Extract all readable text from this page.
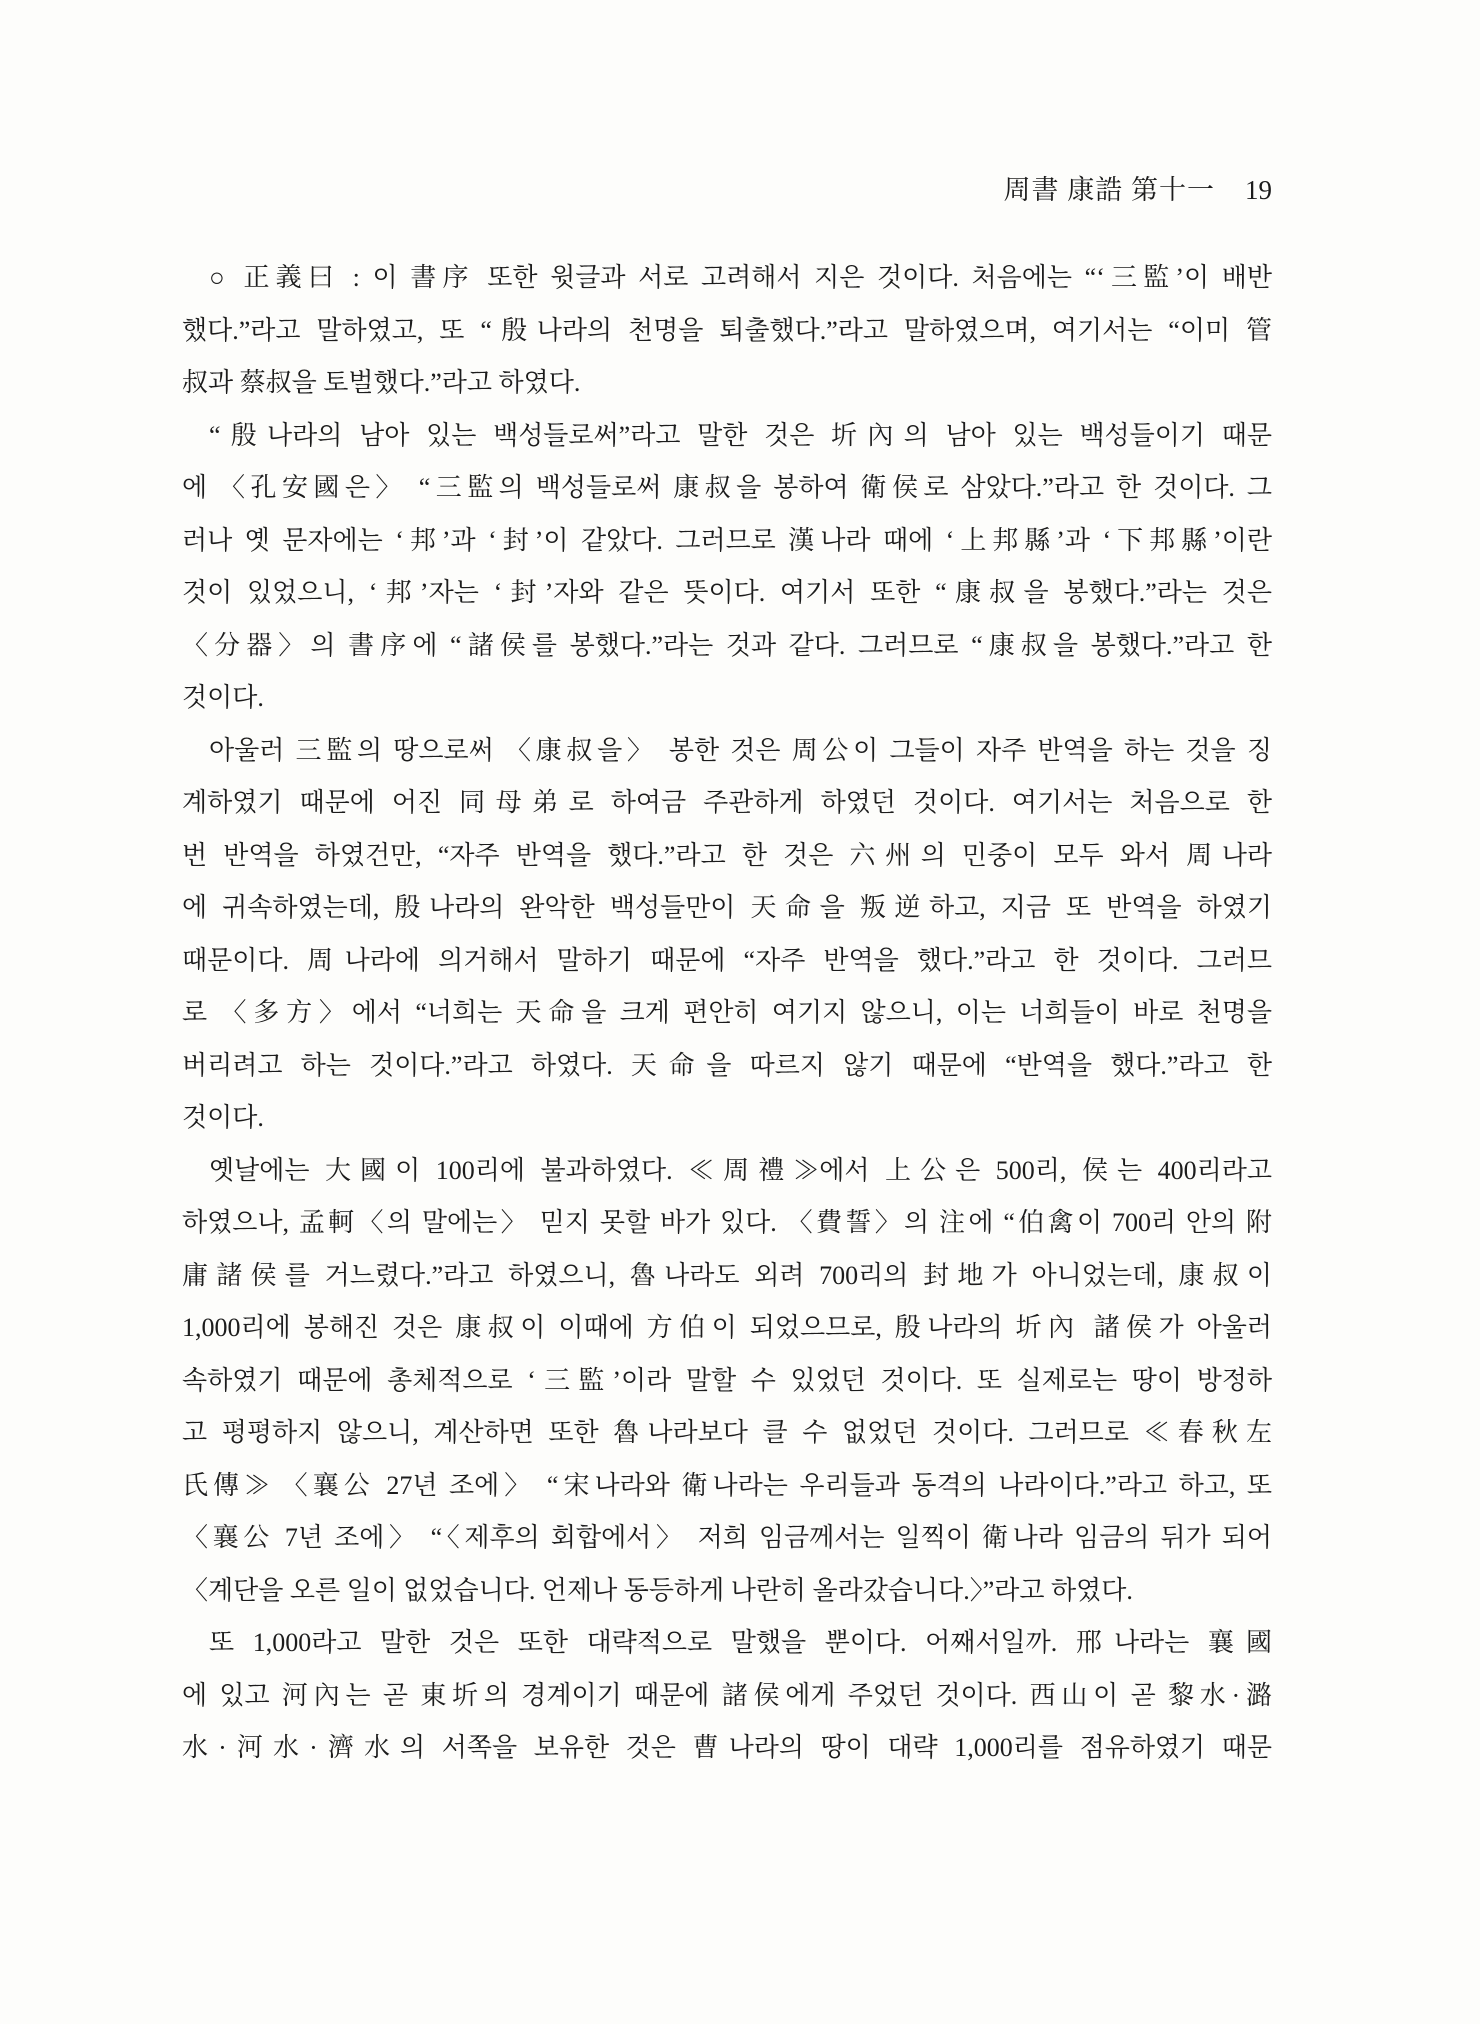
周書 康誥 第十一 19
○ 正義曰 : 이 書序 또한 윗글과 서로 고려해서 지은 것이다. 처음에는 “‘三監’이 배반
했다.”라고 말하였고, 또 “殷나라의 천명을 퇴출했다.”라고 말하였으며, 여기서는 “이미 管
叔과 蔡叔을 토벌했다.”라고 하였다.
“殷나라의 남아 있는 백성들로써”라고 말한 것은 圻內의 남아 있는 백성들이기 때문
에 〈孔安國은〉 “三監의 백성들로써 康叔을 봉하여 衛侯로 삼았다.”라고 한 것이다. 그
러나 옛 문자에는 ‘邦’과 ‘封’이 같았다. 그러므로 漢나라 때에 ‘上邦縣’과 ‘下邦縣’이란
것이 있었으니, ‘邦’자는 ‘封’자와 같은 뜻이다. 여기서 또한 “康叔을 봉했다.”라는 것은
〈分器〉의 書序에 “諸侯를 봉했다.”라는 것과 같다. 그러므로 “康叔을 봉했다.”라고 한
것이다.
아울러 三監의 땅으로써 〈康叔을〉 봉한 것은 周公이 그들이 자주 반역을 하는 것을 징
계하였기 때문에 어진 同母弟로 하여금 주관하게 하였던 것이다. 여기서는 처음으로 한
번 반역을 하였건만, “자주 반역을 했다.”라고 한 것은 六州의 민중이 모두 와서 周나라
에 귀속하였는데, 殷나라의 완악한 백성들만이 天命을 叛逆하고, 지금 또 반역을 하였기
때문이다. 周나라에 의거해서 말하기 때문에 “자주 반역을 했다.”라고 한 것이다. 그러므
로 〈多方〉에서 “너희는 天命을 크게 편안히 여기지 않으니, 이는 너희들이 바로 천명을
버리려고 하는 것이다.”라고 하였다. 天命을 따르지 않기 때문에 “반역을 했다.”라고 한
것이다.
옛날에는 大國이 100리에 불과하였다. ≪周禮≫에서 上公은 500리, 侯는 400리라고
하였으나, 孟軻〈의 말에는〉 믿지 못할 바가 있다. 〈費誓〉의 注에 “伯禽이 700리 안의 附
庸諸侯를 거느렸다.”라고 하였으니, 魯나라도 외려 700리의 封地가 아니었는데, 康叔이
1,000리에 봉해진 것은 康叔이 이때에 方伯이 되었으므로, 殷나라의 圻內 諸侯가 아울러
속하였기 때문에 총체적으로 ‘三監’이라 말할 수 있었던 것이다. 또 실제로는 땅이 방정하
고 평평하지 않으니, 계산하면 또한 魯나라보다 클 수 없었던 것이다. 그러므로 ≪春秋左
氏傳≫ 〈襄公 27년 조에〉 “宋나라와 衛나라는 우리들과 동격의 나라이다.”라고 하고, 또
〈襄公 7년 조에〉 “〈제후의 회합에서〉 저희 임금께서는 일찍이 衛나라 임금의 뒤가 되어
〈계단을 오른 일이 없었습니다. 언제나 동등하게 나란히 올라갔습니다.〉”라고 하였다.
또 1,000라고 말한 것은 또한 대략적으로 말했을 뿐이다. 어째서일까. 邢나라는 襄國
에 있고 河內는 곧 東圻의 경계이기 때문에 諸侯에게 주었던 것이다. 西山이 곧 黎水·潞
水·河水·濟水의 서쪽을 보유한 것은 曹나라의 땅이 대략 1,000리를 점유하였기 때문
